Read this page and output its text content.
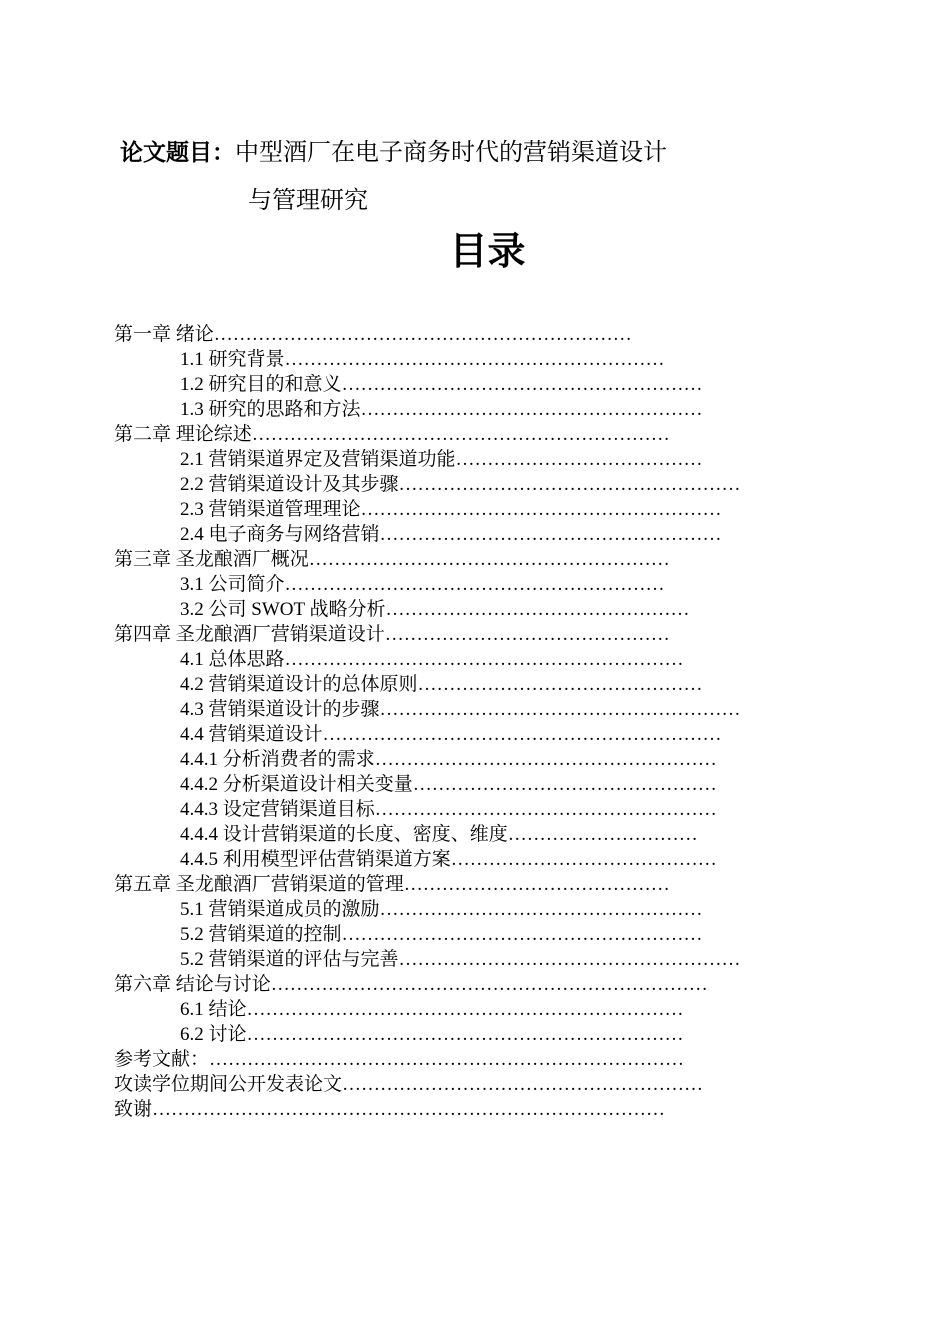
论文题目：中型酒厂在电子商务时代的营销渠道设计
与管理研究
目录
第一章 绪论…………………………………………………………
1.1 研究背景……………………………………………………
1.2 研究目的和意义…………………………………………………
1.3 研究的思路和方法………………………………………………
第二章 理论综述…………………………………………………………
2.1 营销渠道界定及营销渠道功能…………………………………
2.2 营销渠道设计及其步骤………………………………………………
2.3 营销渠道管理理论…………………………………………………
2.4 电子商务与网络营销………………………………………………
第三章 圣龙酿酒厂概况…………………………………………………
3.1 公司简介……………………………………………………
3.2 公司 SWOT 战略分析…………………………………………
第四章 圣龙酿酒厂营销渠道设计………………………………………
4.1 总体思路………………………………………………………
4.2 营销渠道设计的总体原则………………………………………
4.3 营销渠道设计的步骤…………………………………………………
4.4 营销渠道设计………………………………………………………
4.4.1 分析消费者的需求………………………………………………
4.4.2 分析渠道设计相关变量…………………………………………
4.4.3 设定营销渠道目标………………………………………………
4.4.4 设计营销渠道的长度、密度、维度…………………………
4.4.5 利用模型评估营销渠道方案……………………………………
第五章 圣龙酿酒厂营销渠道的管理……………………………………
5.1 营销渠道成员的激励……………………………………………
5.2 营销渠道的控制…………………………………………………
5.2 营销渠道的评估与完善………………………………………………
第六章 结论与讨论……………………………………………………………
6.1 结论……………………………………………………………
6.2 讨论……………………………………………………………
参考文献：…………………………………………………………………
攻读学位期间公开发表论文…………………………………………………
致谢………………………………………………………………………
